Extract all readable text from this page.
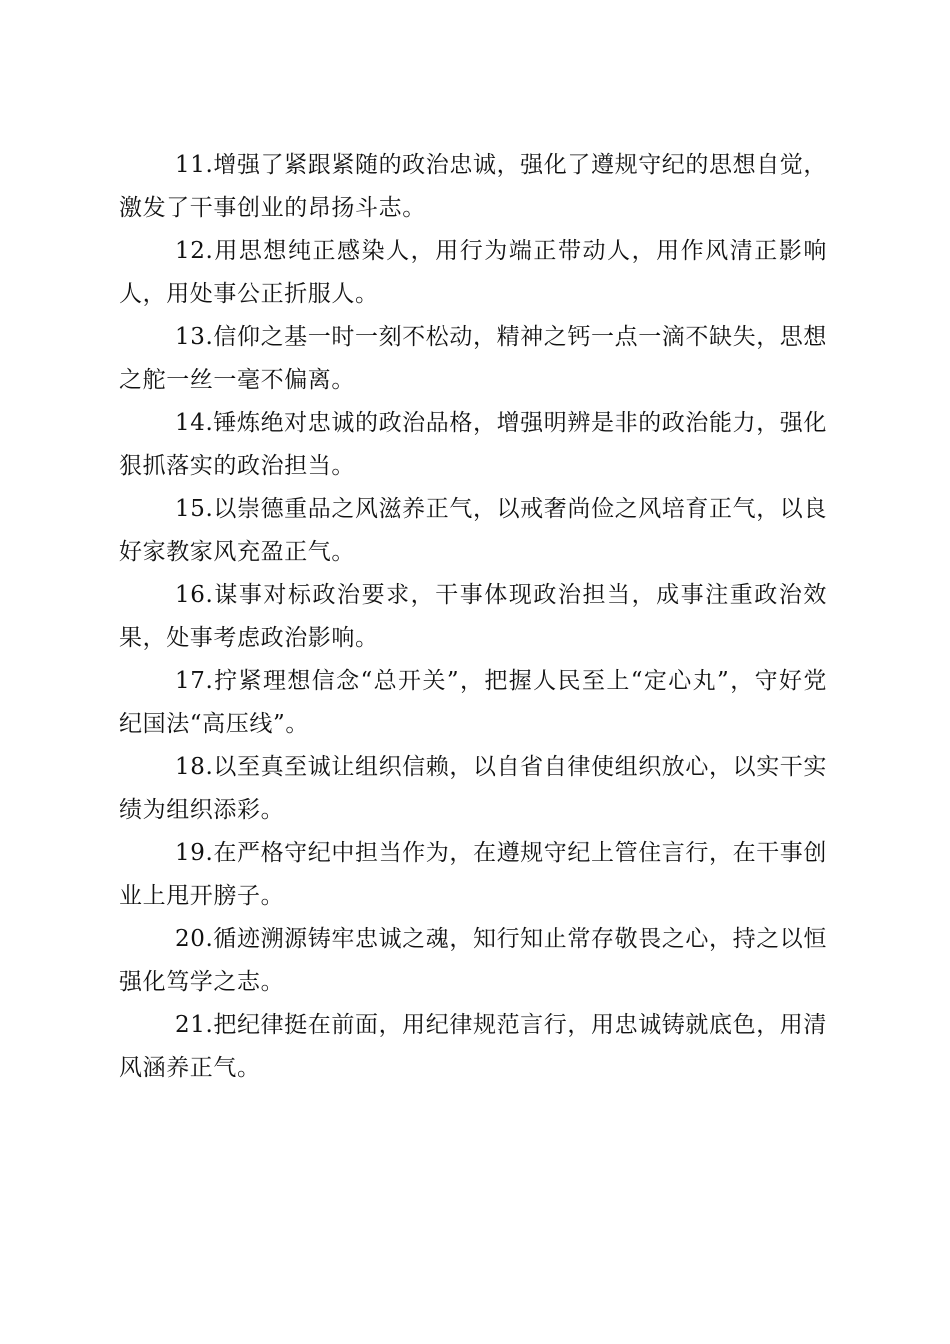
11.增强了紧跟紧随的政治忠诚，强化了遵规守纪的思想自觉，激发了干事创业的昂扬斗志。

12.用思想纯正感染人，用行为端正带动人，用作风清正影响人，用处事公正折服人。

13.信仰之基一时一刻不松动，精神之钙一点一滴不缺失，思想之舵一丝一毫不偏离。

14.锤炼绝对忠诚的政治品格，增强明辨是非的政治能力，强化狠抓落实的政治担当。

15.以崇德重品之风滋养正气，以戒奢尚俭之风培育正气，以良好家教家风充盈正气。

16.谋事对标政治要求，干事体现政治担当，成事注重政治效果，处事考虑政治影响。

17.拧紧理想信念“总开关”，把握人民至上“定心丸”，守好党纪国法“高压线”。

18.以至真至诚让组织信赖，以自省自律使组织放心，以实干实绩为组织添彩。

19.在严格守纪中担当作为，在遵规守纪上管住言行，在干事创业上甩开膀子。

20.循迹溯源铸牢忠诚之魂，知行知止常存敬畏之心，持之以恒强化笃学之志。

21.把纪律挺在前面，用纪律规范言行，用忠诚铸就底色，用清风涵养正气。
